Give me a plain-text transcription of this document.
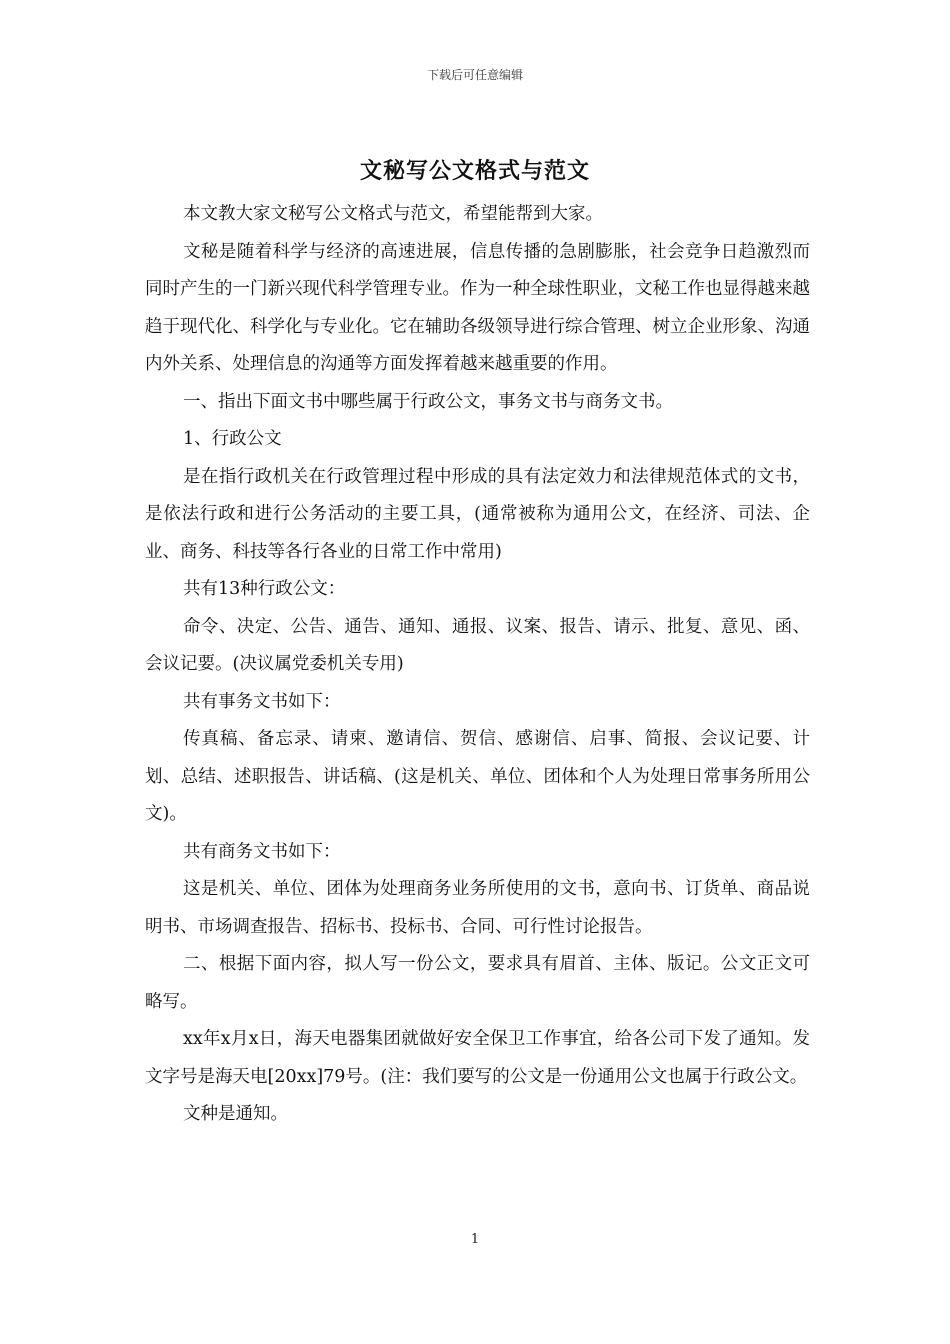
下载后可任意编辑
文秘写公文格式与范文

本文教大家文秘写公文格式与范文，希望能帮到大家。

文秘是随着科学与经济的高速进展，信息传播的急剧膨胀，社会竞争日趋激烈而同时产生的一门新兴现代科学管理专业。作为一种全球性职业，文秘工作也显得越来越趋于现代化、科学化与专业化。它在辅助各级领导进行综合管理、树立企业形象、沟通内外关系、处理信息的沟通等方面发挥着越来越重要的作用。

一、指出下面文书中哪些属于行政公文，事务文书与商务文书。

1、行政公文

是在指行政机关在行政管理过程中形成的具有法定效力和法律规范体式的文书，是依法行政和进行公务活动的主要工具，(通常被称为通用公文，在经济、司法、企业、商务、科技等各行各业的日常工作中常用)

共有13种行政公文：

命令、决定、公告、通告、通知、通报、议案、报告、请示、批复、意见、函、会议记要。(决议属党委机关专用)

共有事务文书如下：

传真稿、备忘录、请柬、邀请信、贺信、感谢信、启事、简报、会议记要、计划、总结、述职报告、讲话稿、(这是机关、单位、团体和个人为处理日常事务所用公文)。

共有商务文书如下：

这是机关、单位、团体为处理商务业务所使用的文书，意向书、订货单、商品说明书、市场调查报告、招标书、投标书、合同、可行性讨论报告。

二、根据下面内容，拟人写一份公文，要求具有眉首、主体、版记。公文正文可略写。

xx年x月x日，海天电器集团就做好安全保卫工作事宜，给各公司下发了通知。发文字号是海天电[20xx]79号。(注：我们要写的公文是一份通用公文也属于行政公文。

文种是通知。

1
